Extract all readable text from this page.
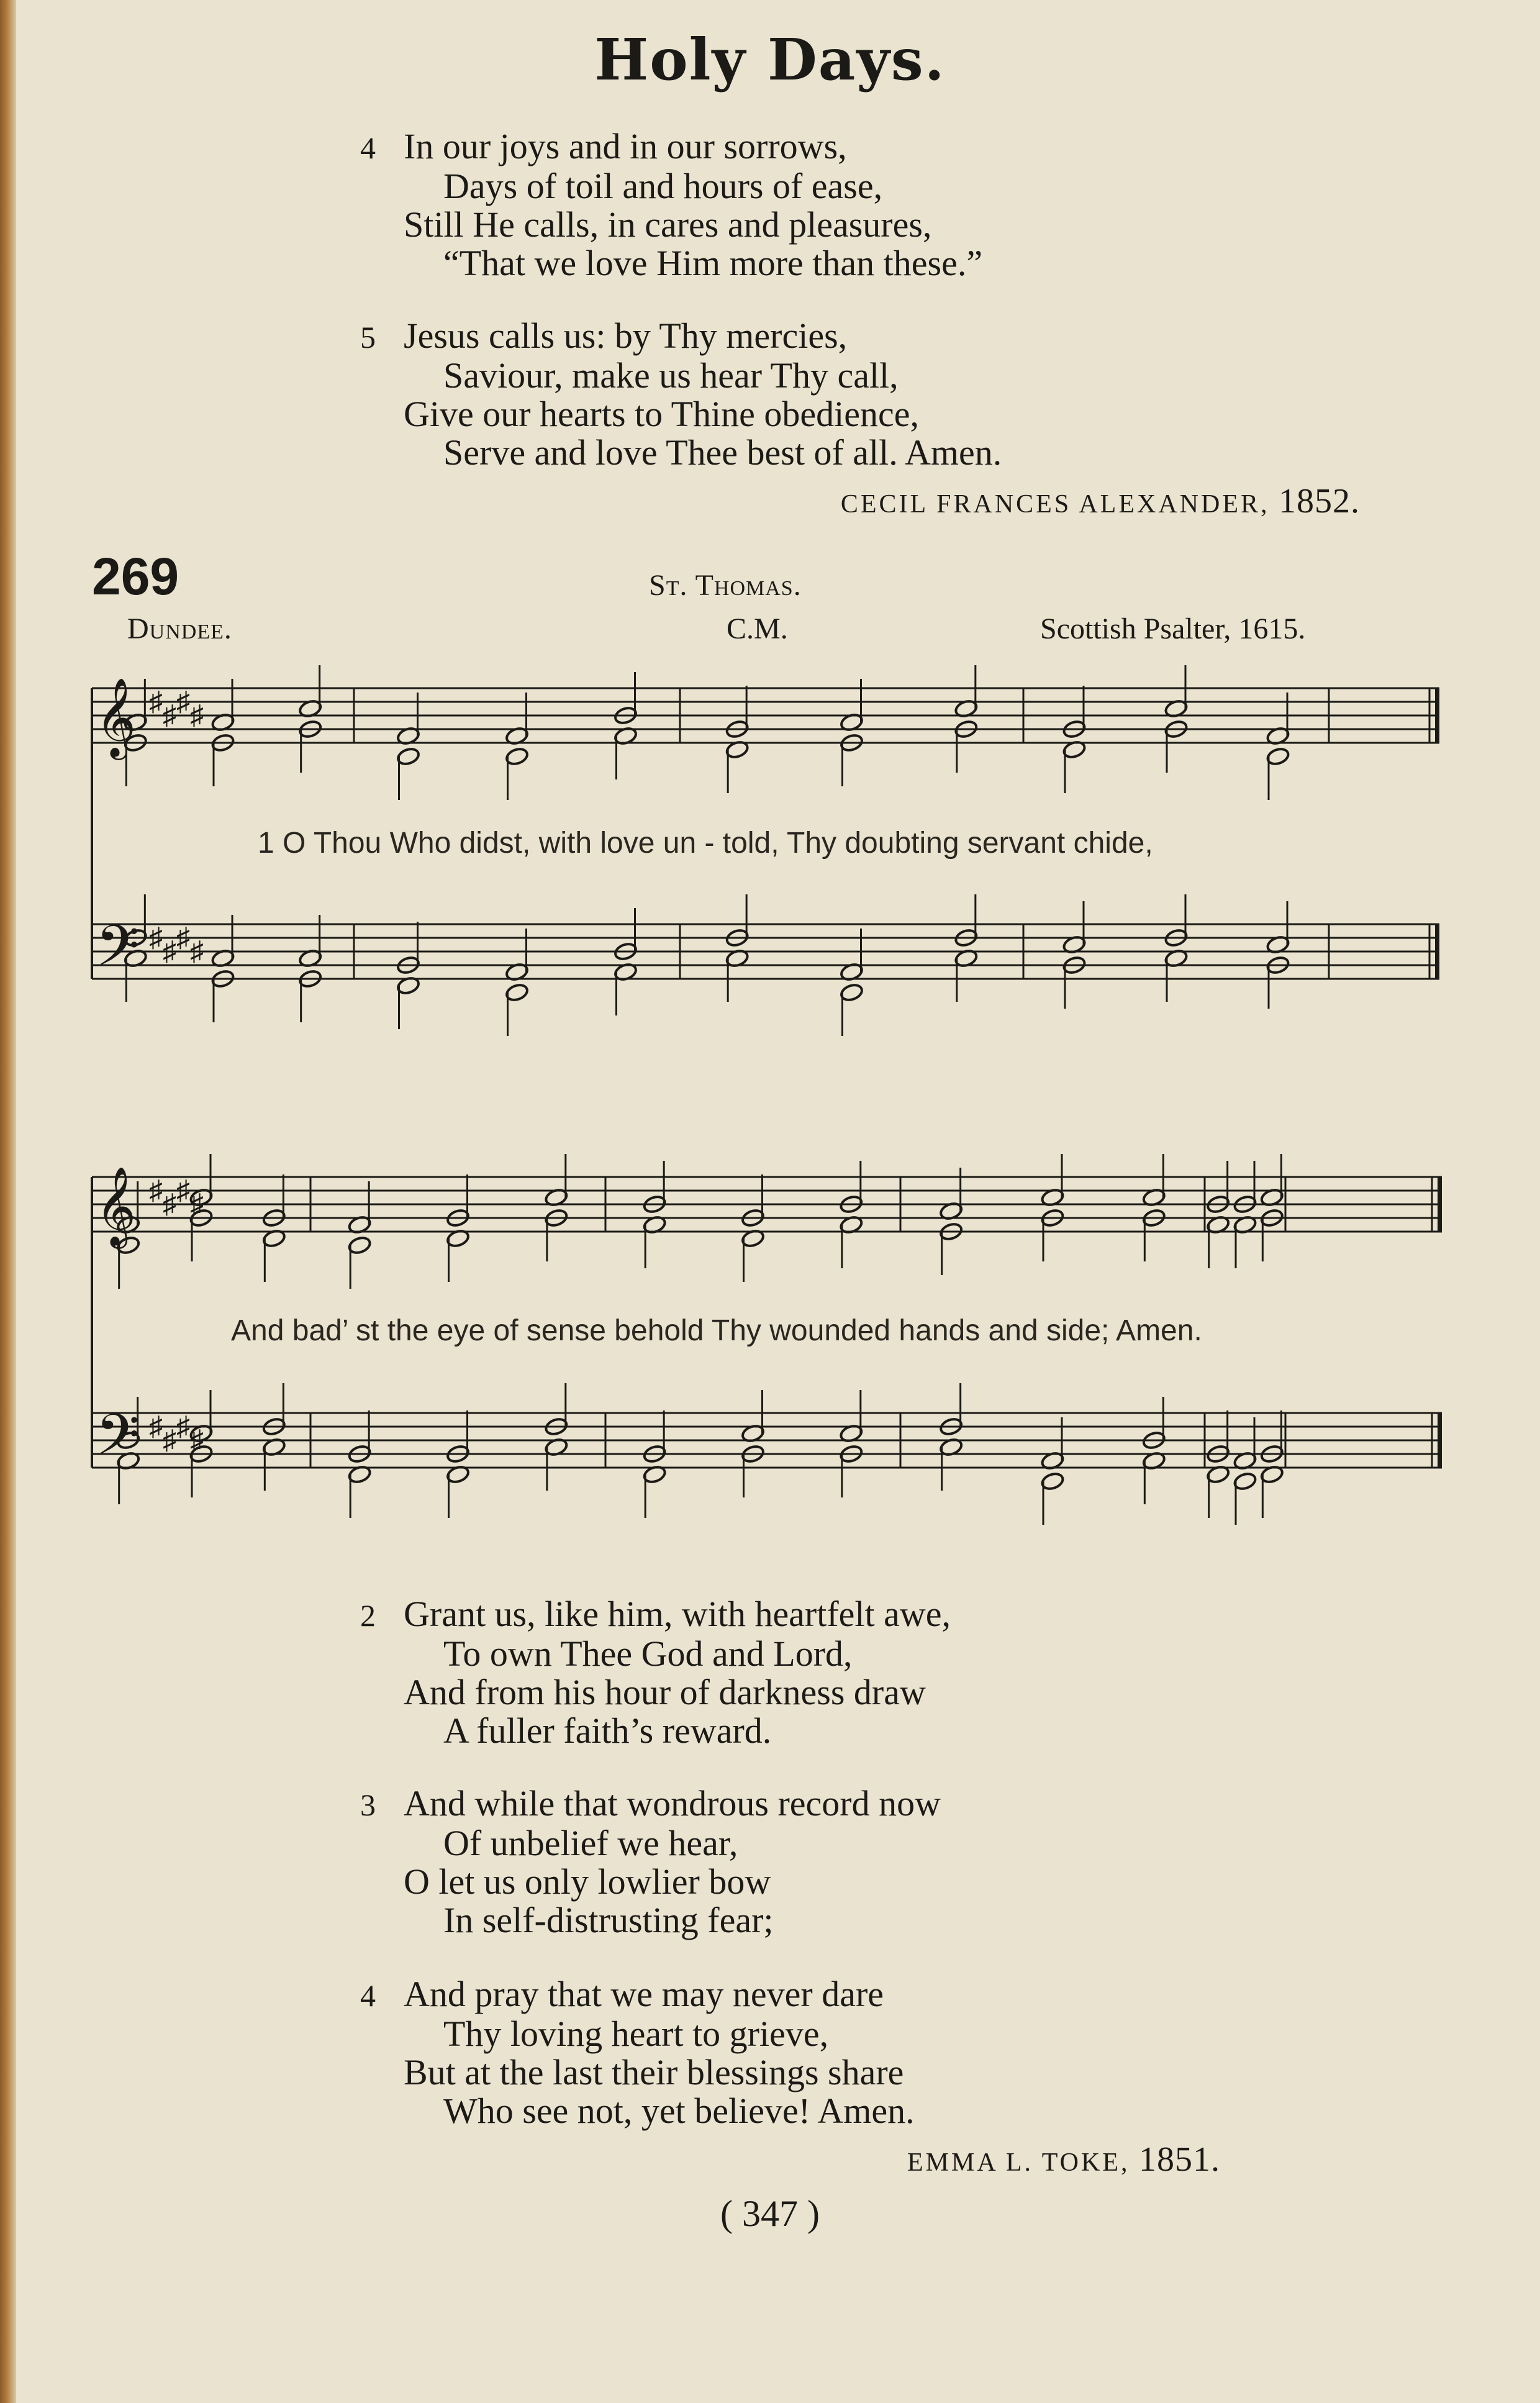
Holy Days.
4 In our joys and in our sorrows,
Days of toil and hours of ease,
Still He calls, in cares and pleasures,
“That we love Him more than these.”
5 Jesus calls us: by Thy mercies,
Saviour, make us hear Thy call,
Give our hearts to Thine obedience,
Serve and love Thee best of all. Amen.
CECIL FRANCES ALEXANDER, 1852.
269	St. Thomas.
Dundee.	C.M.	Scottish Psalter, 1615.
𝄞 ♯ ♯ ♯ ♯
𝄢 ♯ ♯ ♯ ♯
𝄞 ♯ ♯ ♯ ♯
𝄢 ♯ ♯ ♯ ♯
1 O Thou Who didst, with love un - told, Thy doubting servant chide,
And bad’ st the eye of sense behold Thy wounded hands and side; Amen.
2 Grant us, like him, with heartfelt awe,
To own Thee God and Lord,
And from his hour of darkness draw
A fuller faith’s reward.
3 And while that wondrous record now
Of unbelief we hear,
O let us only lowlier bow
In self-distrusting fear;
4 And pray that we may never dare
Thy loving heart to grieve,
But at the last their blessings share
Who see not, yet believe! Amen.
EMMA L. TOKE, 1851.
( 347 )
